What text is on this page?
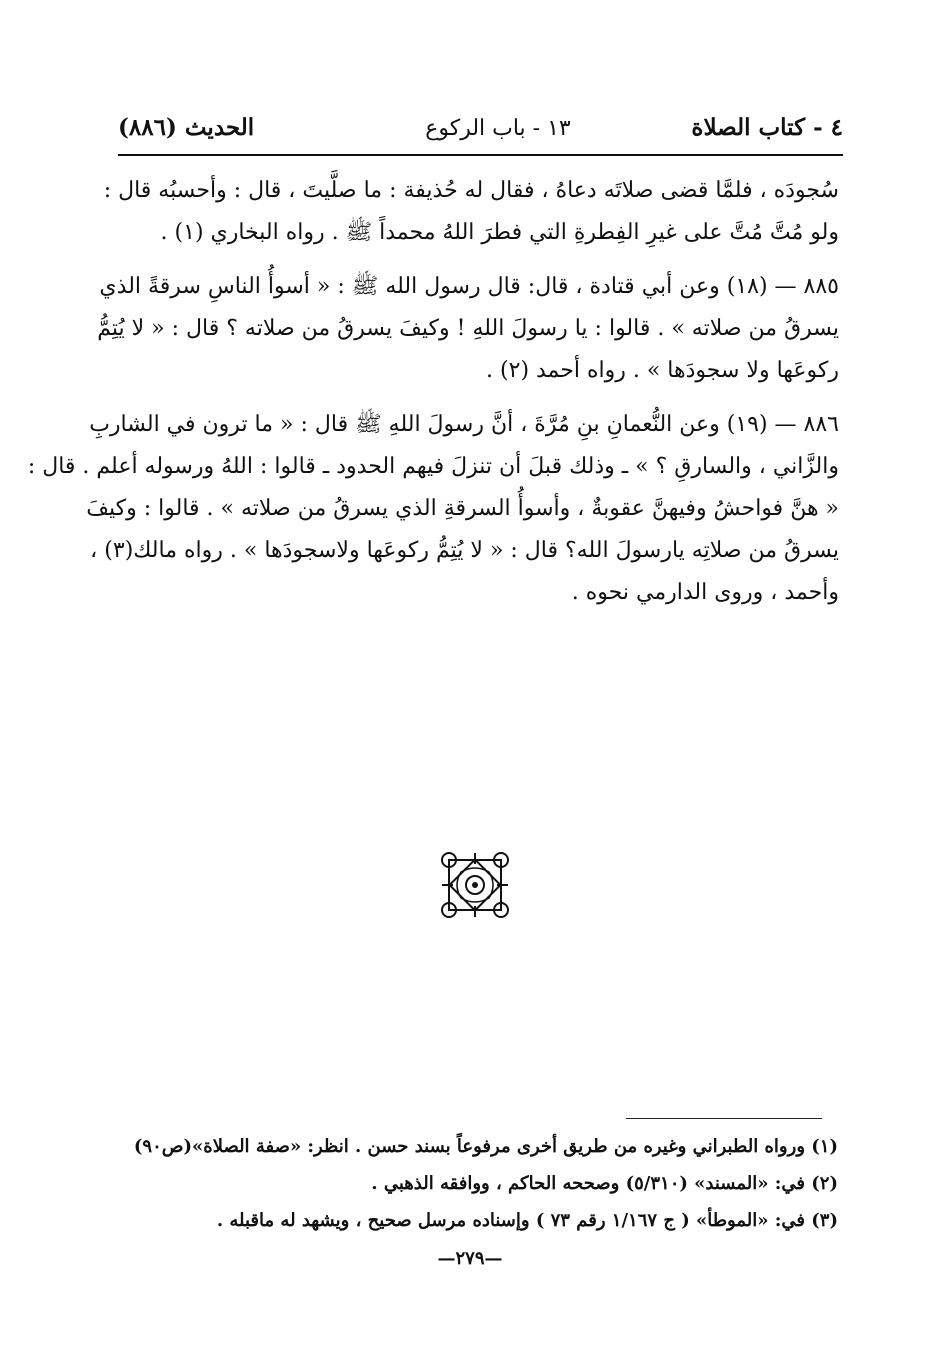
٤ - كتاب الصلاة
١٣ - باب الركوع
الحديث (٨٨٦)
سُجودَه ، فلمَّا قضى صلاتَه دعاهُ ، فقال له حُذيفة : ما صلَّيتَ ، قال : وأحسبُه قال :
ولو مُتَّ مُتَّ على غيرِ الفِطرةِ التي فطرَ اللهُ محمداً ﷺ . رواه البخاري (١) .
٨٨٥ — (١٨) وعن أبي قتادة ، قال: قال رسول الله ﷺ : « أسوأُ الناسِ سرقةً الذي
يسرقُ من صلاته » . قالوا : يا رسولَ اللهِ ! وكيفَ يسرقُ من صلاته ؟ قال : « لا يُتِمُّ
ركوعَها ولا سجودَها » . رواه أحمد (٢) .
٨٨٦ — (١٩) وعن النُّعمانِ بنِ مُرَّةَ ، أنَّ رسولَ اللهِ ﷺ قال : « ما ترون في الشاربِ
والزَّاني ، والسارقِ ؟ » ـ وذلك قبلَ أن تنزلَ فيهم الحدود ـ قالوا : اللهُ ورسوله أعلم . قال :
« هنَّ فواحشُ وفيهنَّ عقوبةٌ ، وأسوأُ السرقةِ الذي يسرقُ من صلاته » . قالوا : وكيفَ
يسرقُ من صلاتِه يارسولَ الله؟ قال : « لا يُتِمُّ ركوعَها ولاسجودَها » . رواه مالك(٣) ،
وأحمد ، وروى الدارمي نحوه .
(١) ورواه الطبراني وغيره من طريق أخرى مرفوعاً بسند حسن . انظر: «صفة الصلاة»(ص٩٠)
(٢) في: «المسند» (٥/٣١٠) وصححه الحاكم ، ووافقه الذهبي .
(٣) في: «الموطأ» ( ج ١/١٦٧ رقم ٧٣ ) وإسناده مرسل صحيح ، ويشهد له ماقبله .
—٢٧٩—
